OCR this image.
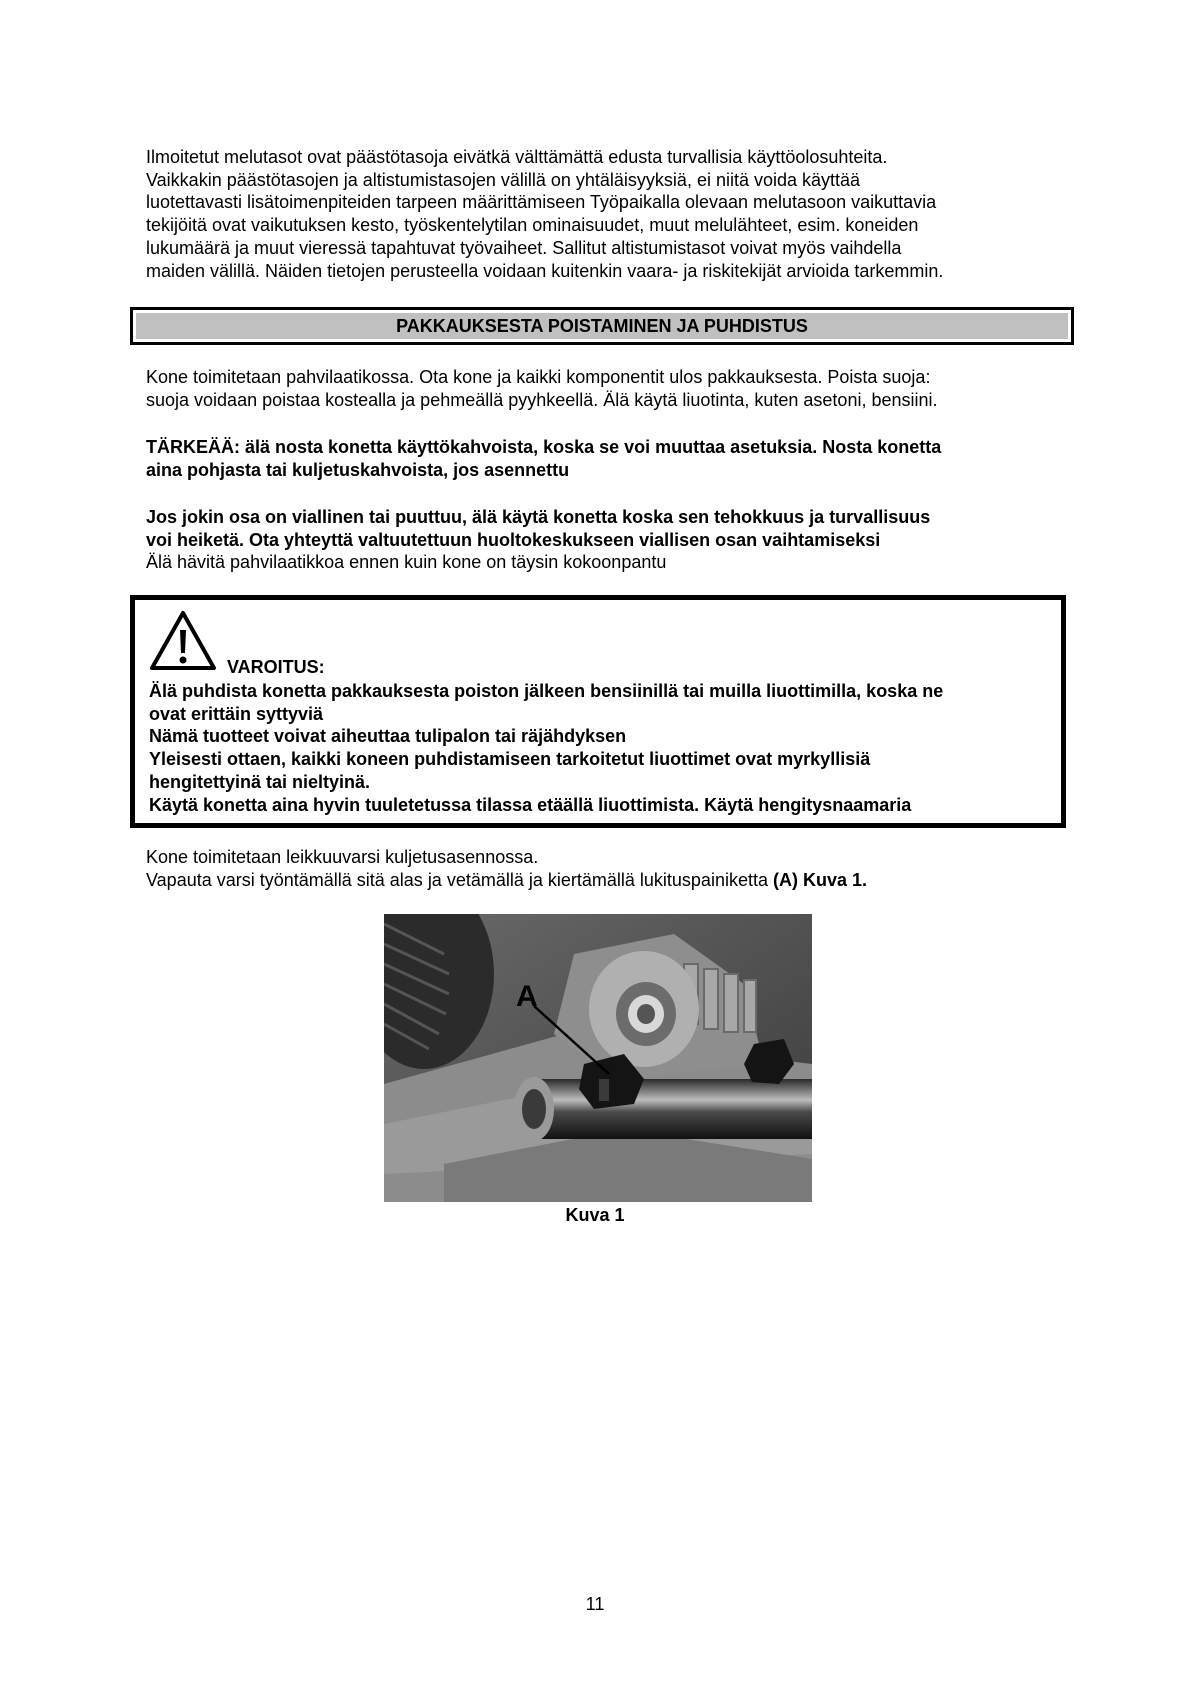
Ilmoitetut melutasot ovat päästötasoja eivätkä välttämättä edusta turvallisia käyttöolosuhteita.

Vaikkakin päästötasojen ja altistumistasojen välillä on yhtäläisyyksiä, ei niitä voida käyttää

luotettavasti lisätoimenpiteiden tarpeen määrittämiseen Työpaikalla olevaan melutasoon vaikuttavia

tekijöitä ovat vaikutuksen kesto, työskentelytilan ominaisuudet, muut melulähteet, esim. koneiden

lukumäärä ja muut vieressä tapahtuvat työvaiheet. Sallitut altistumistasot voivat myös vaihdella

maiden välillä. Näiden tietojen perusteella voidaan kuitenkin vaara- ja riskitekijät arvioida tarkemmin.

PAKKAUKSESTA POISTAMINEN JA PUHDISTUS

Kone toimitetaan pahvilaatikossa. Ota kone ja kaikki komponentit ulos pakkauksesta. Poista suoja:

suoja voidaan poistaa kostealla ja pehmeällä pyyhkeellä. Älä käytä liuotinta, kuten asetoni, bensiini.

TÄRKEÄÄ: älä nosta konetta käyttökahvoista, koska se voi muuttaa asetuksia. Nosta konetta

aina pohjasta tai kuljetuskahvoista, jos asennettu

Jos jokin osa on viallinen tai puuttuu, älä käytä konetta koska sen tehokkuus ja turvallisuus

voi heiketä. Ota yhteyttä valtuutettuun huoltokeskukseen viallisen osan vaihtamiseksi

Älä hävitä pahvilaatikkoa ennen kuin kone on täysin kokoonpantu

VAROITUS:

Älä puhdista konetta pakkauksesta poiston jälkeen bensiinillä tai muilla liuottimilla, koska ne

ovat erittäin syttyviä

Nämä tuotteet voivat aiheuttaa tulipalon tai räjähdyksen

Yleisesti ottaen, kaikki koneen puhdistamiseen tarkoitetut liuottimet ovat myrkyllisiä

hengitettyinä tai nieltyinä.

Käytä konetta aina hyvin tuuletetussa tilassa etäällä liuottimista. Käytä hengitysnaamaria

Kone toimitetaan leikkuuvarsi kuljetusasennossa.

Vapauta varsi työntämällä sitä alas ja vetämällä ja kiertämällä lukituspainiketta (A) Kuva 1.

A
Kuva 1
11
